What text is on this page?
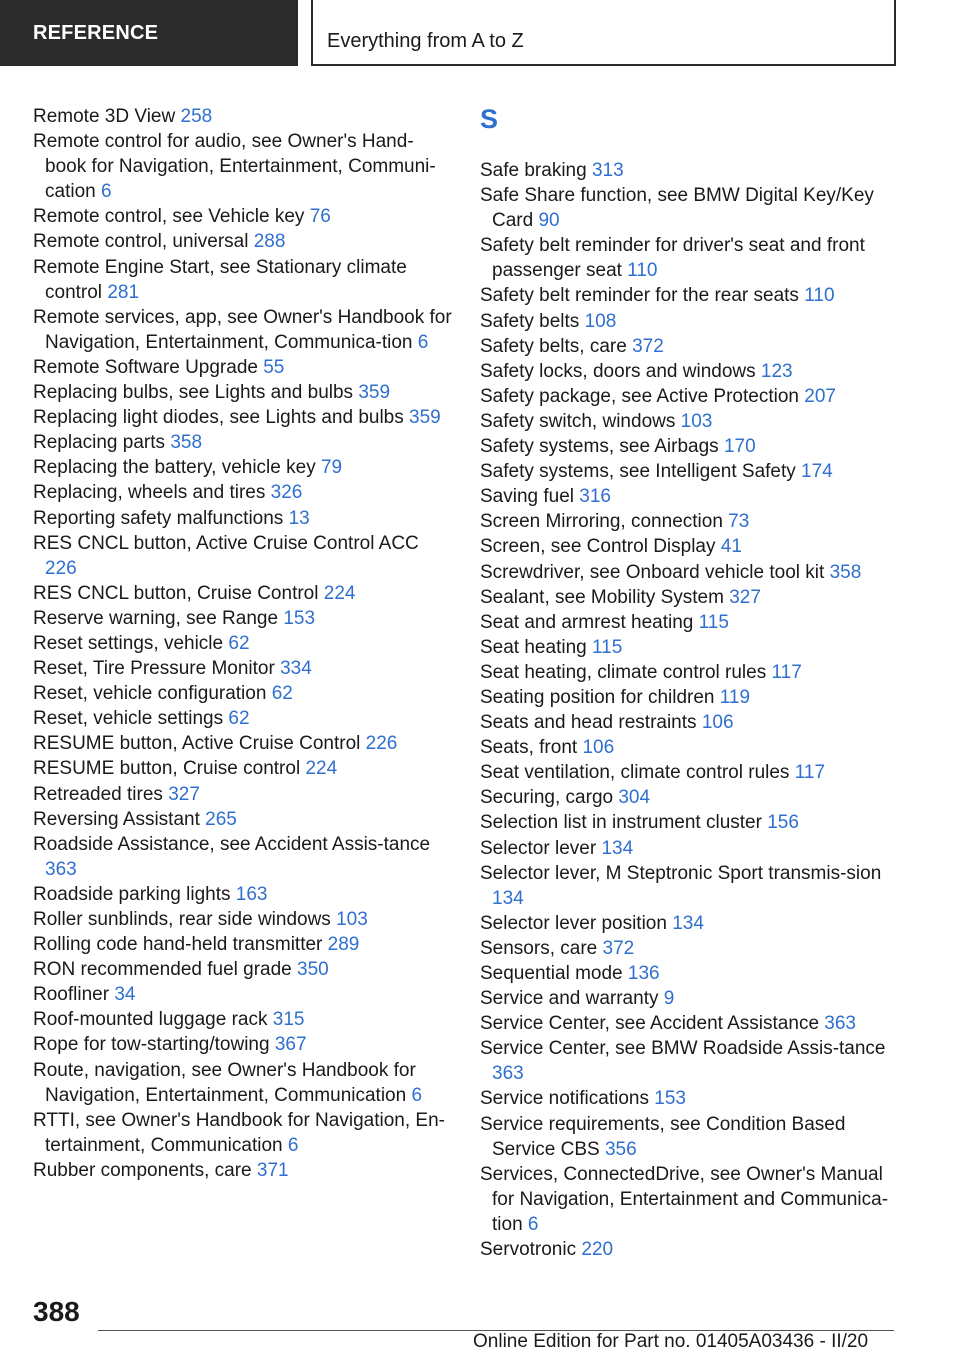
REFERENCE	Everything from A to Z

Remote 3D View 258

Remote control for audio, see Owner's Hand-book for Navigation, Entertainment, Communi-cation 6

Remote control, see Vehicle key 76

Remote control, universal 288

Remote Engine Start, see Stationary climate control 281

Remote services, app, see Owner's Handbook for Navigation, Entertainment, Communica-tion 6

Remote Software Upgrade 55

Replacing bulbs, see Lights and bulbs 359

Replacing light diodes, see Lights and bulbs 359

Replacing parts 358

Replacing the battery, vehicle key 79

Replacing, wheels and tires 326

Reporting safety malfunctions 13

RES CNCL button, Active Cruise Control ACC 226

RES CNCL button, Cruise Control 224

Reserve warning, see Range 153

Reset settings, vehicle 62

Reset, Tire Pressure Monitor 334

Reset, vehicle configuration 62

Reset, vehicle settings 62

RESUME button, Active Cruise Control 226

RESUME button, Cruise control 224

Retreaded tires 327

Reversing Assistant 265

Roadside Assistance, see Accident Assis-tance 363

Roadside parking lights 163

Roller sunblinds, rear side windows 103

Rolling code hand-held transmitter 289

RON recommended fuel grade 350

Roofliner 34

Roof-mounted luggage rack 315

Rope for tow-starting/towing 367

Route, navigation, see Owner's Handbook for Navigation, Entertainment, Communication 6

RTTI, see Owner's Handbook for Navigation, En-tertainment, Communication 6

Rubber components, care 371

S

Safe braking 313

Safe Share function, see BMW Digital Key/Key Card 90

Safety belt reminder for driver's seat and front passenger seat 110

Safety belt reminder for the rear seats 110

Safety belts 108

Safety belts, care 372

Safety locks, doors and windows 123

Safety package, see Active Protection 207

Safety switch, windows 103

Safety systems, see Airbags 170

Safety systems, see Intelligent Safety 174

Saving fuel 316

Screen Mirroring, connection 73

Screen, see Control Display 41

Screwdriver, see Onboard vehicle tool kit 358

Sealant, see Mobility System 327

Seat and armrest heating 115

Seat heating 115

Seat heating, climate control rules 117

Seating position for children 119

Seats and head restraints 106

Seats, front 106

Seat ventilation, climate control rules 117

Securing, cargo 304

Selection list in instrument cluster 156

Selector lever 134

Selector lever, M Steptronic Sport transmis-sion 134

Selector lever position 134

Sensors, care 372

Sequential mode 136

Service and warranty 9

Service Center, see Accident Assistance 363

Service Center, see BMW Roadside Assis-tance 363

Service notifications 153

Service requirements, see Condition Based Service CBS 356

Services, ConnectedDrive, see Owner's Manual for Navigation, Entertainment and Communica-tion 6

Servotronic 220

388
Online Edition for Part no. 01405A03436 - II/20
